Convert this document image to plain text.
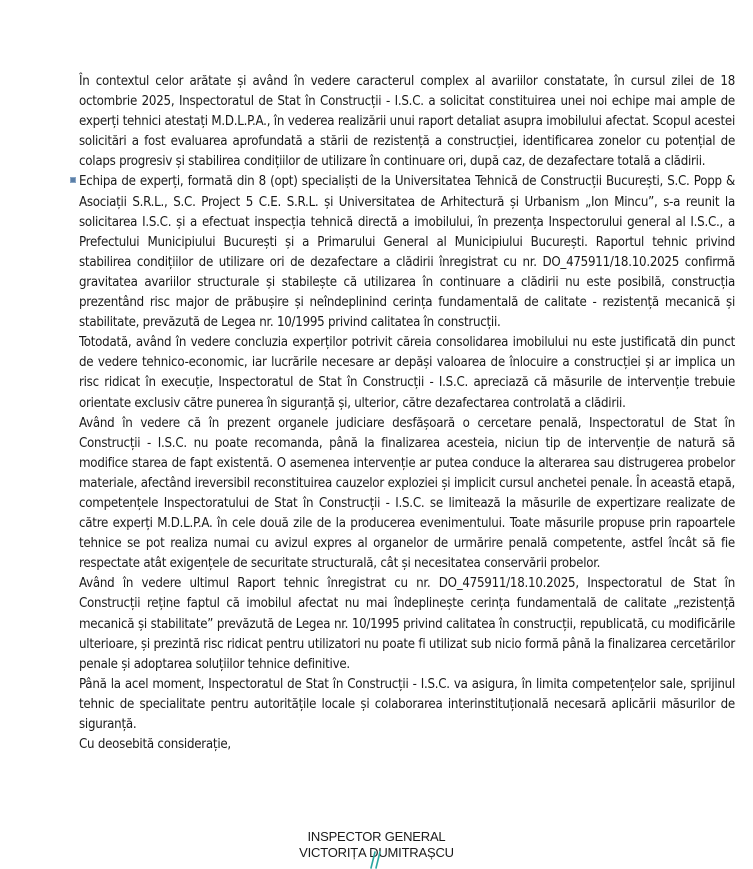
În contextul celor arătate și având în vedere caracterul complex al avariilor constatate, în cursul zilei de 18 octombrie 2025, Inspectoratul de Stat în Construcții - I.S.C. a solicitat constituirea unei noi echipe mai ample de experți tehnici atestați M.D.L.P.A., în vederea realizării unui raport detaliat asupra imobilului afectat. Scopul acestei solicitări a fost evaluarea aprofundată a stării de rezistență a construcției, identificarea zonelor cu potențial de colaps progresiv și stabilirea condițiilor de utilizare în continuare ori, după caz, de dezafectare totală a clădirii.

Echipa de experți, formată din 8 (opt) specialiști de la Universitatea Tehnică de Construcții București, S.C. Popp & Asociații S.R.L., S.C. Project 5 C.E. S.R.L. și Universitatea de Arhitectură și Urbanism „Ion Mincu”, s-a reunit la solicitarea I.S.C. și a efectuat inspecția tehnică directă a imobilului, în prezența Inspectorului general al I.S.C., a Prefectului Municipiului București și a Primarului General al Municipiului București. Raportul tehnic privind stabilirea condițiilor de utilizare ori de dezafectare a clădirii înregistrat cu nr. DO_475911/18.10.2025 confirmă gravitatea avariilor structurale și stabilește că utilizarea în continuare a clădirii nu este posibilă, construcția prezentând risc major de prăbușire și neîndeplinind cerința fundamentală de calitate - rezistență mecanică și stabilitate, prevăzută de Legea nr. 10/1995 privind calitatea în construcții.

Totodată, având în vedere concluzia experților potrivit căreia consolidarea imobilului nu este justificată din punct de vedere tehnico-economic, iar lucrările necesare ar depăși valoarea de înlocuire a construcției și ar implica un risc ridicat în execuție, Inspectoratul de Stat în Construcții - I.S.C. apreciază că măsurile de intervenție trebuie orientate exclusiv către punerea în siguranță și, ulterior, către dezafectarea controlată a clădirii.

Având în vedere că în prezent organele judiciare desfășoară o cercetare penală, Inspectoratul de Stat în Construcții - I.S.C. nu poate recomanda, până la finalizarea acesteia, niciun tip de intervenție de natură să modifice starea de fapt existentă. O asemenea intervenție ar putea conduce la alterarea sau distrugerea probelor materiale, afectând ireversibil reconstituirea cauzelor exploziei și implicit cursul anchetei penale. În această etapă, competențele Inspectoratului de Stat în Construcții - I.S.C. se limitează la măsurile de expertizare realizate de către experți M.D.L.P.A. în cele două zile de la producerea evenimentului. Toate măsurile propuse prin rapoartele tehnice se pot realiza numai cu avizul expres al organelor de urmărire penală competente, astfel încât să fie respectate atât exigențele de securitate structurală, cât și necesitatea conservării probelor.

Având în vedere ultimul Raport tehnic înregistrat cu nr. DO_475911/18.10.2025, Inspectoratul de Stat în Construcții reține faptul că imobilul afectat nu mai îndeplinește cerința fundamentală de calitate „rezistență mecanică și stabilitate” prevăzută de Legea nr. 10/1995 privind calitatea în construcții, republicată, cu modificările ulterioare, și prezintă risc ridicat pentru utilizatori nu poate fi utilizat sub nicio formă până la finalizarea cercetărilor penale și adoptarea soluțiilor tehnice definitive.

Până la acel moment, Inspectoratul de Stat în Construcții - I.S.C. va asigura, în limita competențelor sale, sprijinul tehnic de specialitate pentru autoritățile locale și colaborarea interinstituțională necesară aplicării măsurilor de siguranță.

Cu deosebită considerație,

INSPECTOR GENERAL
VICTORIȚA DUMITRAȘCU
